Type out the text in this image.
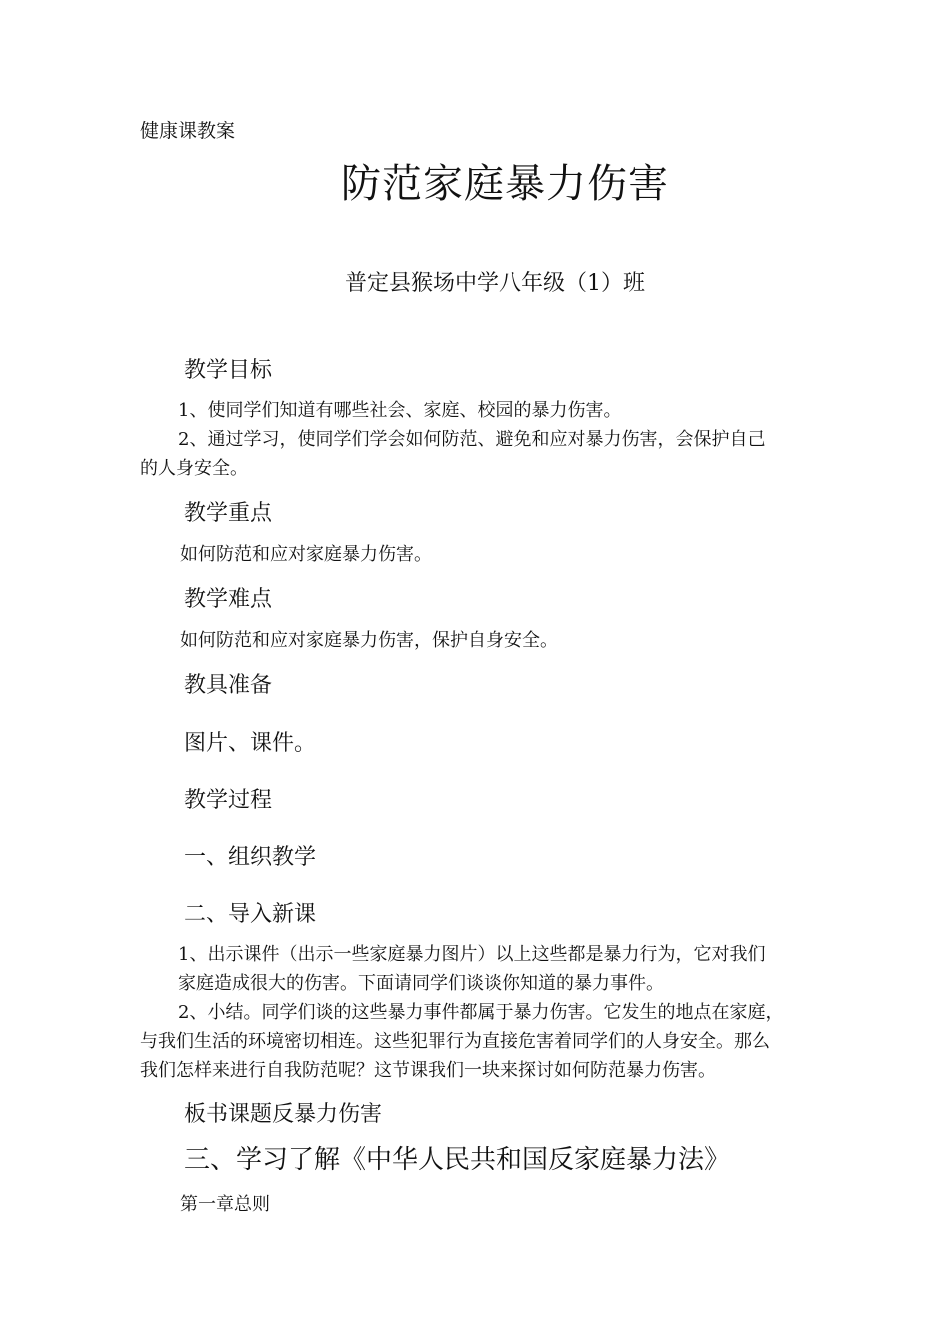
健康课教案

防范家庭暴力伤害

普定县猴场中学八年级（1）班

教学目标
1、使同学们知道有哪些社会、家庭、校园的暴力伤害。
2、通过学习，使同学们学会如何防范、避免和应对暴力伤害，会保护自己
的人身安全。
教学重点

如何防范和应对家庭暴力伤害。

教学难点

如何防范和应对家庭暴力伤害，保护自身安全。

教具准备

图片、课件。

教学过程

一、组织教学

二、导入新课

1、出示课件（出示一些家庭暴力图片）以上这些都是暴力行为，它对我们
家庭造成很大的伤害。下面请同学们谈谈你知道的暴力事件。
2、小结。同学们谈的这些暴力事件都属于暴力伤害。它发生的地点在家庭，
与我们生活的环境密切相连。这些犯罪行为直接危害着同学们的人身安全。那么
我们怎样来进行自我防范呢？这节课我们一块来探讨如何防范暴力伤害。

板书课题反暴力伤害

三、学习了解《中华人民共和国反家庭暴力法》

第一章总则
